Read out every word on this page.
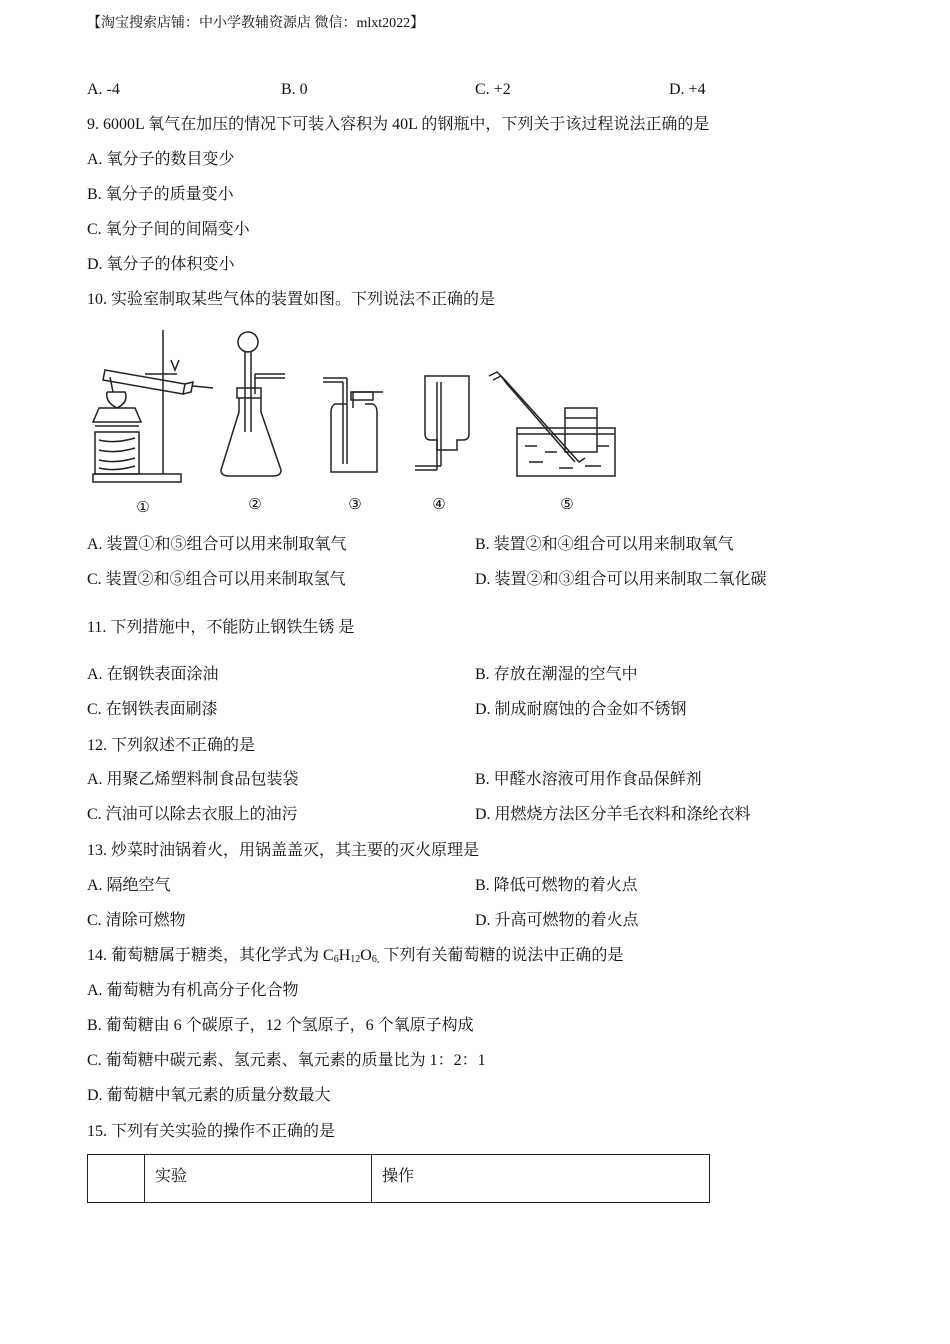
【淘宝搜索店铺：中小学教辅资源店 微信：mlxt2022】
A. -4	B. 0	C. +2	D. +4
9. 6000L 氧气在加压的情况下可装入容积为 40L 的钢瓶中，下列关于该过程说法正确的是
A. 氧分子的数目变少
B. 氧分子的质量变小
C. 氧分子间的间隔变小
D. 氧分子的体积变小
10. 实验室制取某些气体的装置如图。下列说法不正确的是
①	②	③	④	⑤
A. 装置①和⑤组合可以用来制取氧气	B. 装置②和④组合可以用来制取氧气
C. 装置②和⑤组合可以用来制取氢气	D. 装置②和③组合可以用来制取二氧化碳
11. 下列措施中，不能防止钢铁生锈 是
A. 在钢铁表面涂油	B. 存放在潮湿的空气中
C. 在钢铁表面刷漆	D. 制成耐腐蚀的合金如不锈钢
12. 下列叙述不正确的是
A. 用聚乙烯塑料制食品包装袋	B. 甲醛水溶液可用作食品保鲜剂
C. 汽油可以除去衣服上的油污	D. 用燃烧方法区分羊毛衣料和涤纶衣料
13. 炒菜时油锅着火，用锅盖盖灭，其主要的灭火原理是
A. 隔绝空气	B. 降低可燃物的着火点
C. 清除可燃物	D. 升高可燃物的着火点
14. 葡萄糖属于糖类，其化学式为 $C_6H_{12}O_{6,}$ 下列有关葡萄糖的说法中正确的是
A. 葡萄糖为有机高分子化合物
B. 葡萄糖由 6 个碳原子，12 个氢原子，6 个氧原子构成
C. 葡萄糖中碳元素、氢元素、氧元素的质量比为 1：2：1
D. 葡萄糖中氧元素的质量分数最大
15. 下列有关实验的操作不正确的是
	实验	操作
